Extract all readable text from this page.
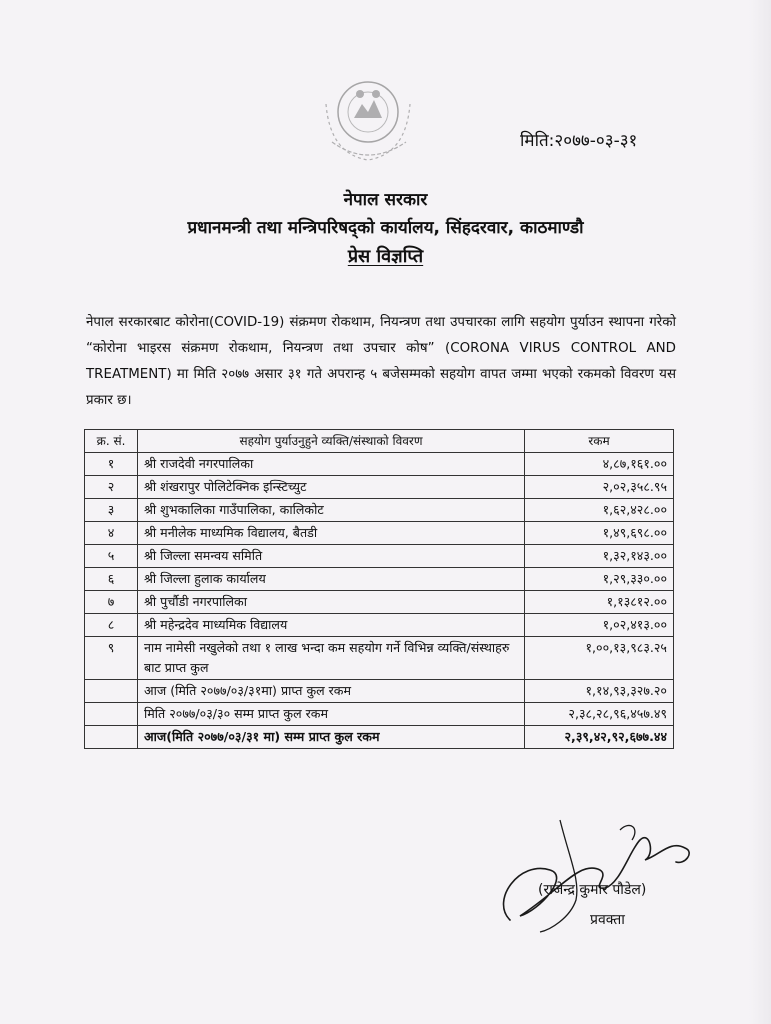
मिति:२०७७-०३-३१
नेपाल सरकार
प्रधानमन्त्री तथा मन्त्रिपरिषद्को कार्यालय, सिंहदरवार, काठमाण्डौ
प्रेस विज्ञप्ति

नेपाल सरकारबाट कोरोना(COVID-19) संक्रमण रोकथाम, नियन्त्रण तथा उपचारका लागि सहयोग पुर्याउन स्थापना गरेको “कोरोना भाइरस संक्रमण रोकथाम, नियन्त्रण तथा उपचार कोष” (CORONA VIRUS CONTROL AND TREATMENT) मा मिति २०७७ असार ३१ गते अपरान्ह ५ बजेसम्मको सहयोग वापत जम्मा भएको रकमको विवरण यस प्रकार छ।

क्र. सं.	सहयोग पुर्याउनुहुने व्यक्ति/संस्थाको विवरण	रकम
१	श्री राजदेवी नगरपालिका	४,८७,१६१.००
२	श्री शंखरापुर पोलिटेक्निक इन्स्टिच्युट	२,०२,३५८.९५
३	श्री शुभकालिका गाउँपालिका, कालिकोट	१,६२,४२८.००
४	श्री मनीलेक माध्यमिक विद्यालय, बैतडी	१,४९,६९८.००
५	श्री जिल्ला समन्वय समिति	१,३२,१४३.००
६	श्री जिल्ला हुलाक कार्यालय	१,२९,३३०.००
७	श्री पुर्चौडी नगरपालिका	१,१३८१२.००
८	श्री महेन्द्रदेव माध्यमिक विद्यालय	१,०२,४१३.००
९	नाम नामेसी नखुलेको तथा १ लाख भन्दा कम सहयोग गर्ने विभिन्न व्यक्ति/संस्थाहरु बाट प्राप्त कुल	१,००,१३,९८३.२५
	आज (मिति २०७७/०३/३१मा) प्राप्त कुल रकम	१,१४,९३,३२७.२०
	मिति २०७७/०३/३० सम्म प्राप्त कुल रकम	२,३८,२८,९६,४५७.४९
	आज(मिति २०७७/०३/३१ मा) सम्म प्राप्त कुल रकम	२,३९,४२,९२,६७७.४४
(राजेन्द्र कुमार पौडेल)
प्रवक्ता
